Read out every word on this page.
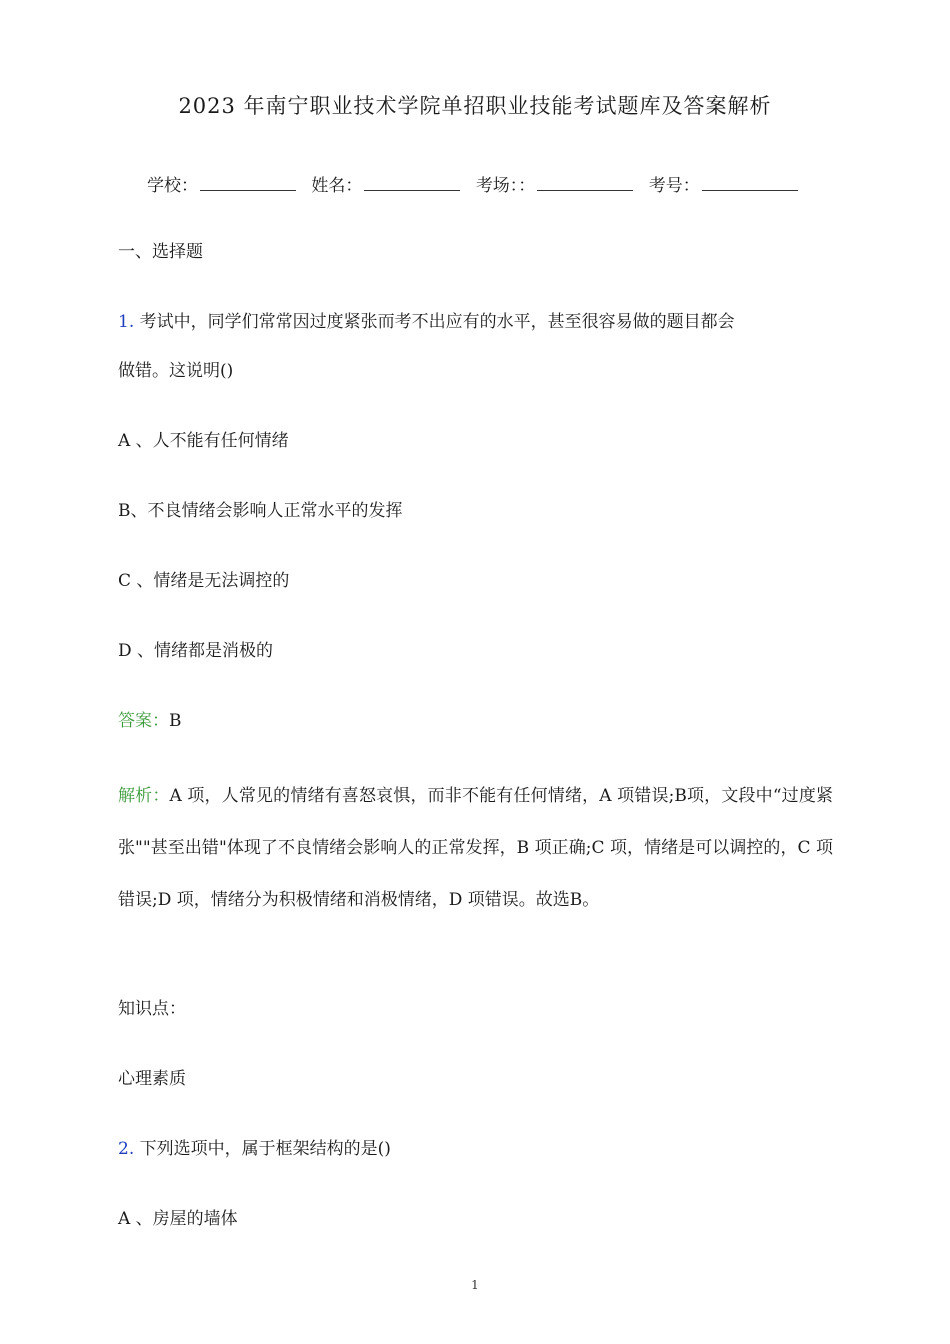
2023 年南宁职业技术学院单招职业技能考试题库及答案解析
学校：	姓名：	考场：：	考号：
一、选择题
1. 考试中，同学们常常因过度紧张而考不出应有的水平，甚至很容易做的题目都会
做错。这说明()
A 、人不能有任何情绪
B、不良情绪会影响人正常水平的发挥
C 、情绪是无法调控的
D 、情绪都是消极的
答案：B
解析：A 项，人常见的情绪有喜怒哀惧，而非不能有任何情绪，A 项错误;B项，文段中“过度紧张""甚至出错"体现了不良情绪会影响人的正常发挥，B 项正确;C 项，情绪是可以调控的，C 项错误;D 项，情绪分为积极情绪和消极情绪，D 项错误。故选B。
知识点：
心理素质
2. 下列选项中，属于框架结构的是()
A 、房屋的墙体
1
